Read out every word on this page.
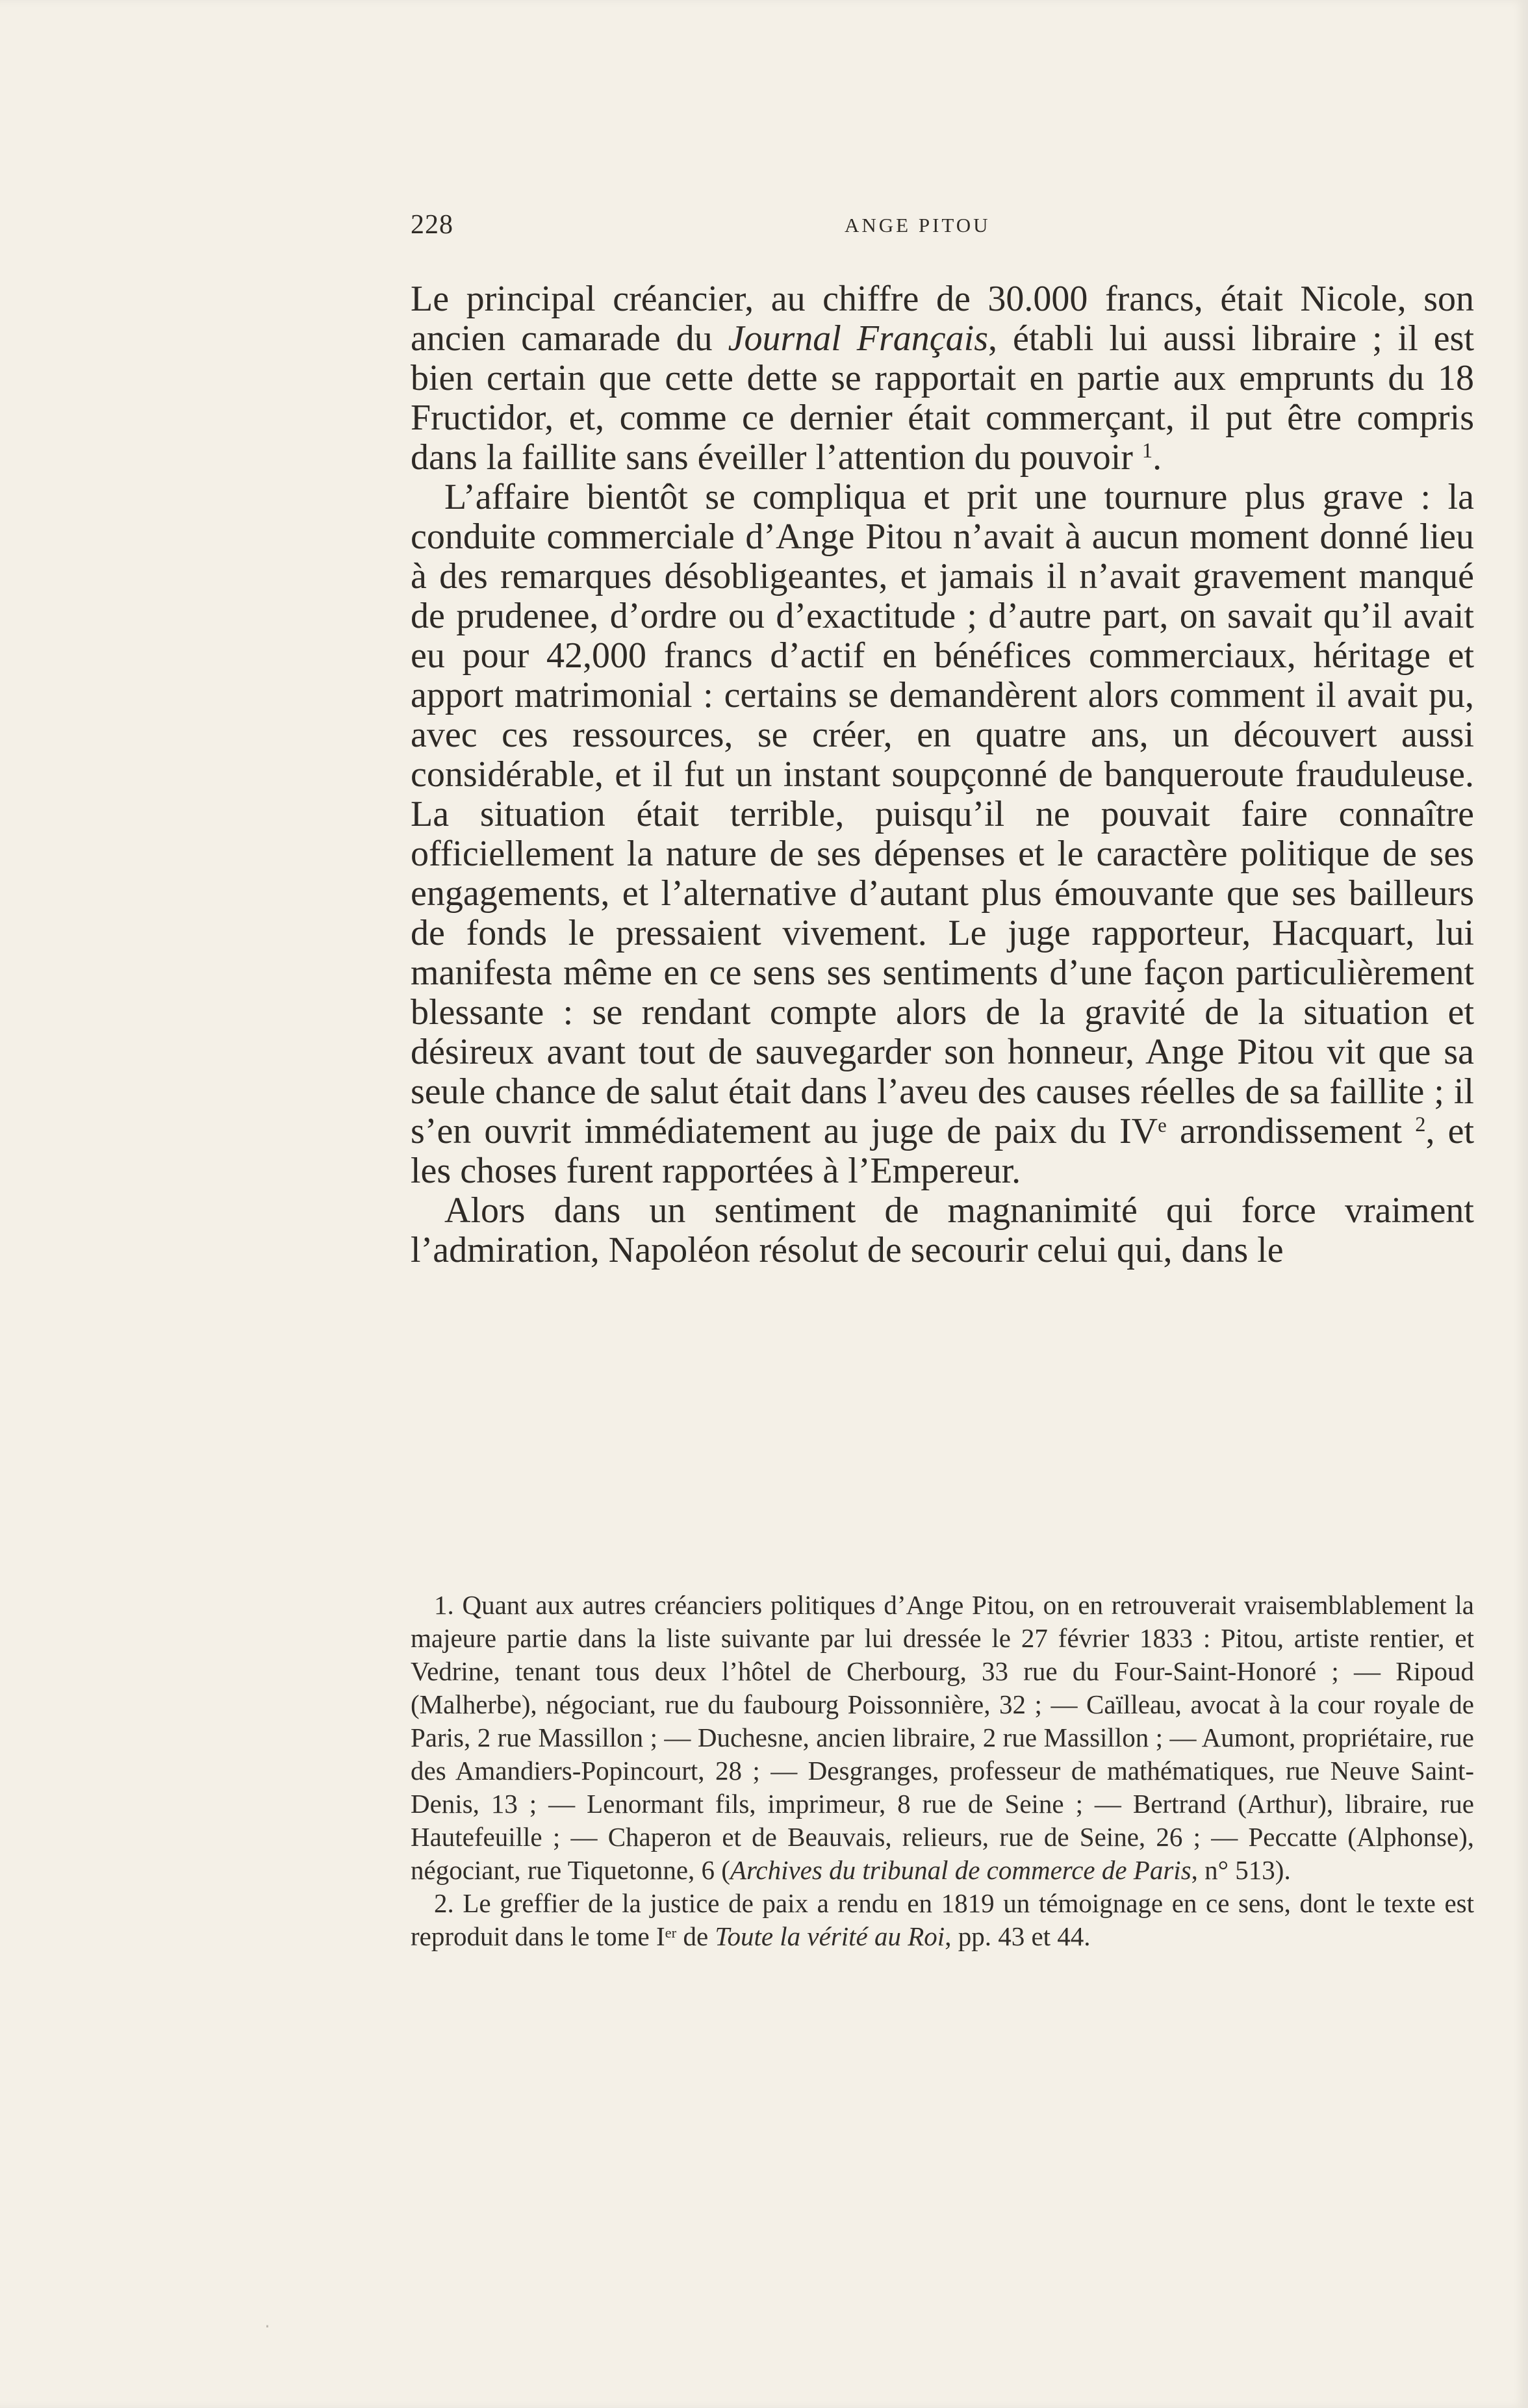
228	ANGE PITOU

Le principal créancier, au chiffre de 30.000 francs, était Nicole, son ancien camarade du Journal Français, établi lui aussi libraire ; il est bien certain que cette dette se rapportait en partie aux emprunts du 18 Fructidor, et, comme ce dernier était commerçant, il put être compris dans la faillite sans éveiller l’attention du pouvoir $^1$.

L’affaire bientôt se compliqua et prit une tournure plus grave : la conduite commerciale d’Ange Pitou n’avait à aucun moment donné lieu à des remarques désobligeantes, et jamais il n’avait gravement manqué de prudenee, d’ordre ou d’exactitude ; d’autre part, on savait qu’il avait eu pour 42,000 francs d’actif en bénéfices commerciaux, héritage et apport matrimonial : certains se demandèrent alors comment il avait pu, avec ces ressources, se créer, en quatre ans, un découvert aussi considérable, et il fut un instant soupçonné de banqueroute frauduleuse. La situation était terrible, puisqu’il ne pouvait faire connaître officiellement la nature de ses dépenses et le caractère politique de ses engagements, et l’alternative d’autant plus émouvante que ses bailleurs de fonds le pressaient vivement. Le juge rapporteur, Hacquart, lui manifesta même en ce sens ses sentiments d’une façon particulièrement blessante : se rendant compte alors de la gravité de la situation et désireux avant tout de sauvegarder son honneur, Ange Pitou vit que sa seule chance de salut était dans l’aveu des causes réelles de sa faillite ; il s’en ouvrit immédiatement au juge de paix du IVe arrondissement $^2$, et les choses furent rapportées à l’Empereur.

Alors dans un sentiment de magnanimité qui force vraiment l’admiration, Napoléon résolut de secourir celui qui, dans le

1. Quant aux autres créanciers politiques d’Ange Pitou, on en retrouverait vraisemblablement la majeure partie dans la liste suivante par lui dressée le 27 février 1833 : Pitou, artiste rentier, et Vedrine, tenant tous deux l’hôtel de Cherbourg, 33 rue du Four-Saint-Honoré ; — Ripoud (Malherbe), négociant, rue du faubourg Poissonnière, 32 ; — Caïlleau, avocat à la cour royale de Paris, 2 rue Massillon ; — Duchesne, ancien libraire, 2 rue Massillon ; — Aumont, propriétaire, rue des Amandiers-Popincourt, 28 ; — Desgranges, professeur de mathématiques, rue Neuve Saint-Denis, 13 ; — Lenormant fils, imprimeur, 8 rue de Seine ; — Bertrand (Arthur), libraire, rue Hautefeuille ; — Chaperon et de Beauvais, relieurs, rue de Seine, 26 ; — Peccatte (Alphonse), négociant, rue Tiquetonne, 6 (Archives du tribunal de commerce de Paris, n° 513).

2. Le greffier de la justice de paix a rendu en 1819 un témoignage en ce sens, dont le texte est reproduit dans le tome Ier de Toute la vérité au Roi, pp. 43 et 44.

·
